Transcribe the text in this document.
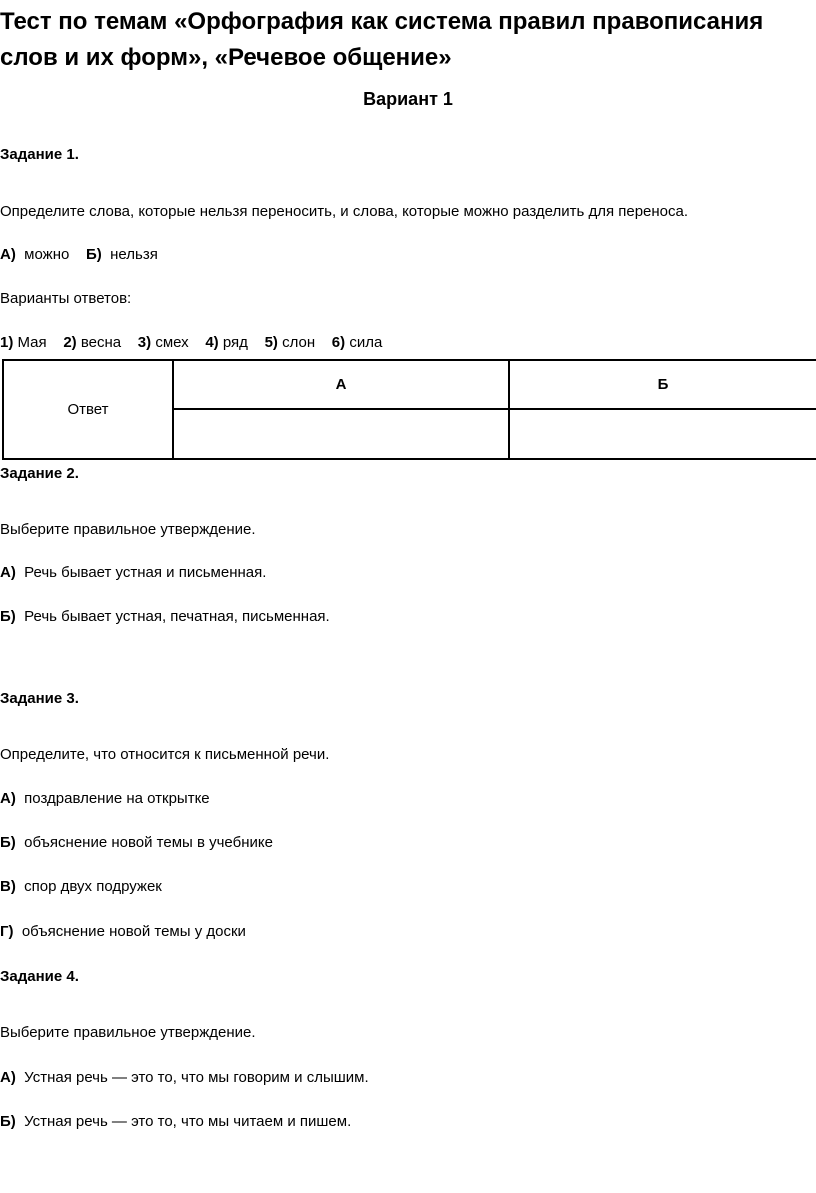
Тест по темам «Орфография как система правил правописания слов и их форм», «Речевое общение»
Вариант 1
Задание 1.
Определите слова, которые нельзя переносить, и слова, которые можно разделить для переноса.
А) можно Б) нельзя
Варианты ответов:
1) Мая 2) весна 3) смех 4) ряд 5) слон 6) сила
Ответ	А	Б

Задание 2.
Выберите правильное утверждение.
А) Речь бывает устная и письменная.
Б) Речь бывает устная, печатная, письменная.
Задание 3.
Определите, что относится к письменной речи.
А) поздравление на открытке
Б) объяснение новой темы в учебнике
В) спор двух подружек
Г) объяснение новой темы у доски
Задание 4.
Выберите правильное утверждение.
А) Устная речь — это то, что мы говорим и слышим.
Б) Устная речь — это то, что мы читаем и пишем.
